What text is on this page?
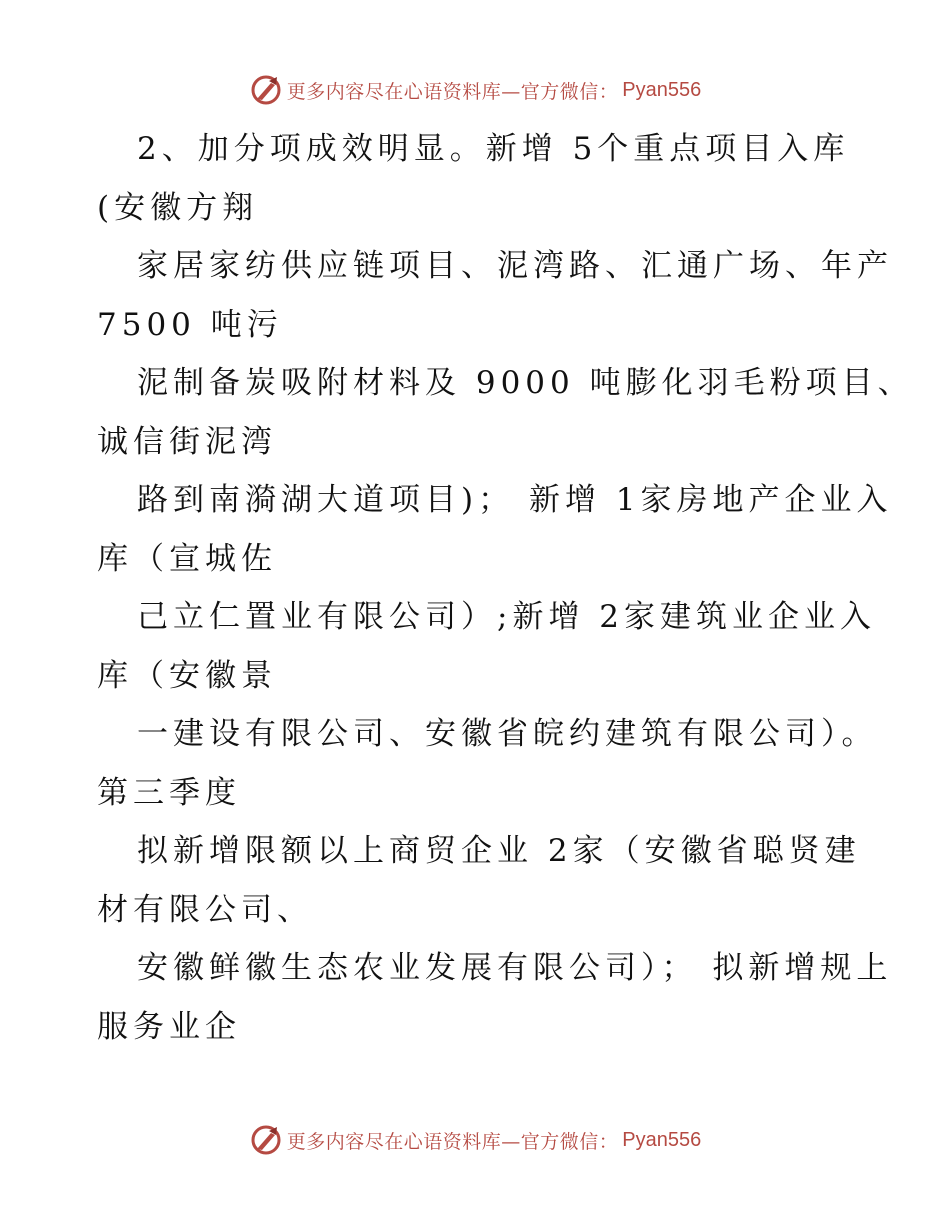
更多内容尽在心语资料库—官方微信： Pyan556
2、加分项成效明显。新增 5个重点项目入库
(安徽方翔
家居家纺供应链项目、泥湾路、汇通广场、年产
7500 吨污
泥制备炭吸附材料及 9000 吨膨化羽毛粉项目、
诚信街泥湾
路到南漪湖大道项目)； 新增 1家房地产企业入
库（宣城佐
己立仁置业有限公司）;新增 2家建筑业企业入
库（安徽景
一建设有限公司、安徽省皖约建筑有限公司）。
第三季度
拟新增限额以上商贸企业 2家（安徽省聪贤建
材有限公司、
安徽鲜徽生态农业发展有限公司）； 拟新增规上
服务业企
更多内容尽在心语资料库—官方微信： Pyan556
